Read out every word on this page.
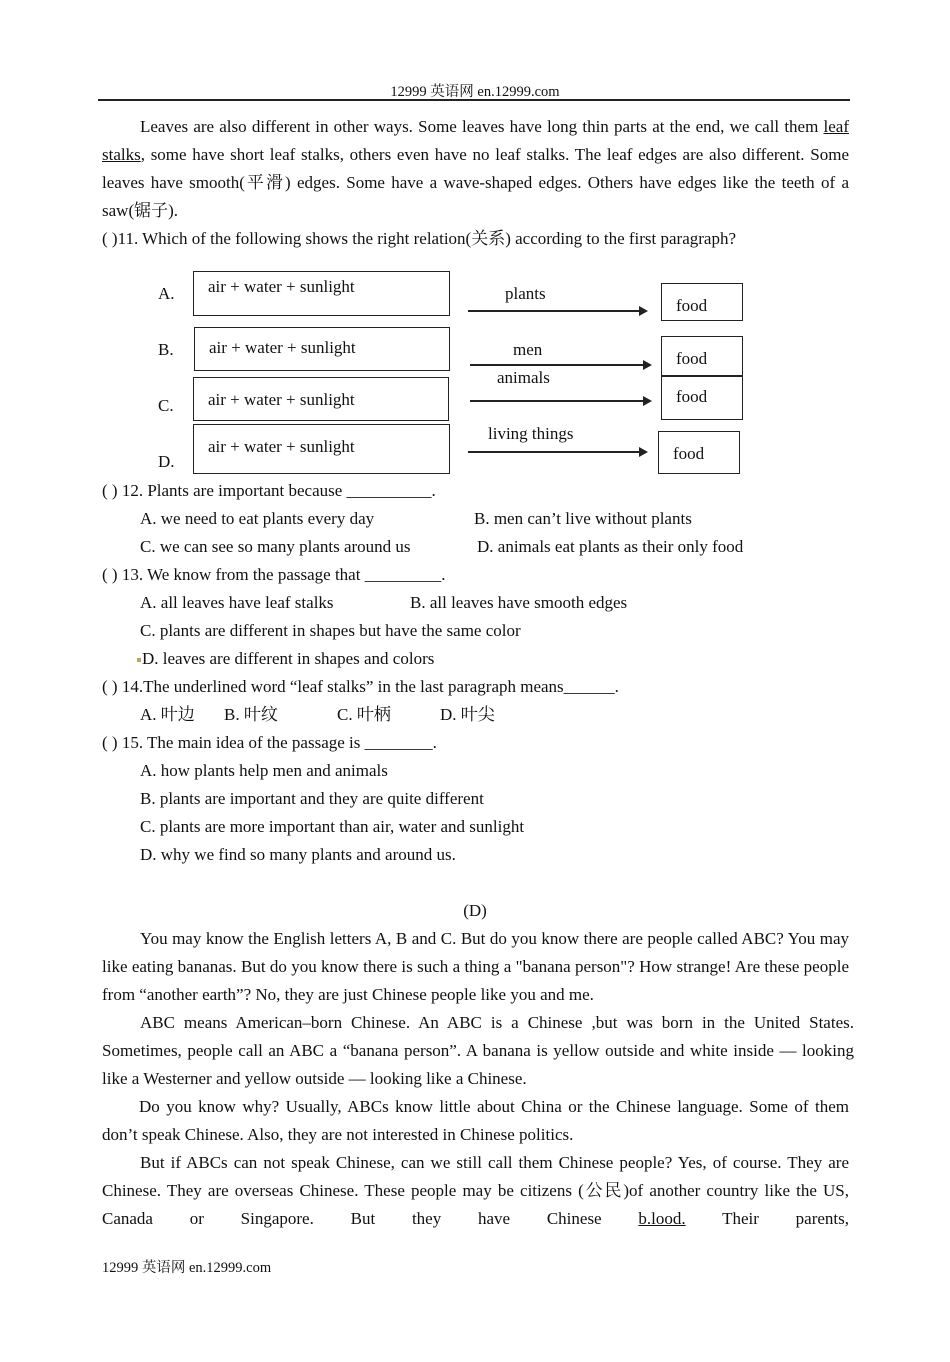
12999 英语网 en.12999.com
Leaves are also different in other ways. Some leaves have long thin parts at the end, we call them leaf stalks, some have short leaf stalks, others even have no leaf stalks. The leaf edges are also different. Some leaves have smooth(平滑) edges. Some have a wave-shaped edges. Others have edges like the teeth of a saw(锯子).
( )11. Which of the following shows the right relation(关系) according to the first paragraph?
A.	air + water + sunlight	plants
food
B.	air + water + sunlight	men	food
C.	air + water + sunlight
animals
food
D.
air + water + sunlight
living things
food
( ) 12. Plants are important because __________.
A. we need to eat plants every day	B. men can’t live without plants
C. we can see so many plants around us	D. animals eat plants as their only food
( ) 13. We know from the passage that _________.
A. all leaves have leaf stalks	B. all leaves have smooth edges
C. plants are different in shapes but have the same color
D. leaves are different in shapes and colors
( ) 14.The underlined word “leaf stalks” in the last paragraph means______.
A. 叶边 B. 叶纹	C. 叶柄	D. 叶尖
( ) 15. The main idea of the passage is ________.
A. how plants help men and animals
B. plants are important and they are quite different
C. plants are more important than air, water and sunlight
D. why we find so many plants and around us.
(D)
You may know the English letters A, B and C. But do you know there are people called ABC? You may like eating bananas. But do you know there is such a thing a "banana person"? How strange! Are these people from “another earth”? No, they are just Chinese people like you and me.
ABC means American–born Chinese. An ABC is a Chinese ,but was born in the United States. Sometimes, people call an ABC a “banana person”. A banana is yellow outside and white inside — looking like a Westerner and yellow outside — looking like a Chinese.
Do you know why? Usually, ABCs know little about China or the Chinese language. Some of them don’t speak Chinese. Also, they are not interested in Chinese politics.
But if ABCs can not speak Chinese, can we still call them Chinese people? Yes, of course. They are Chinese. They are overseas Chinese. These people may be citizens (公民)of another country like the US, Canada or Singapore. But they have Chinese b.lood. Their parents,
12999 英语网 en.12999.com
